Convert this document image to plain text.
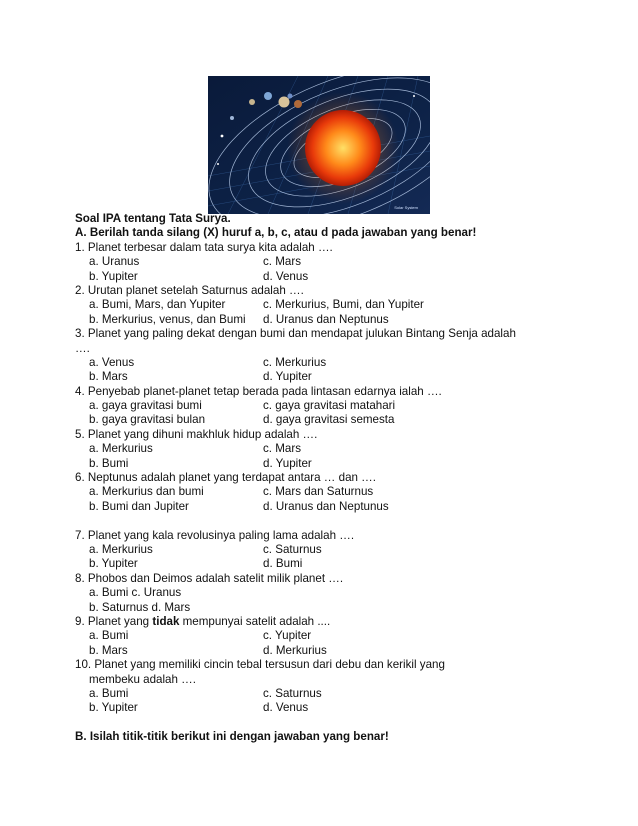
Solar System
Soal IPA tentang Tata Surya.
A. Berilah tanda silang (X) huruf a, b, c, atau d pada jawaban yang benar!
1. Planet terbesar dalam tata surya kita adalah ….
a. Uranus	c. Mars
b. Yupiter	d. Venus
2. Urutan planet setelah Saturnus adalah ….
a. Bumi, Mars, dan Yupiter	c. Merkurius, Bumi, dan Yupiter
b. Merkurius, venus, dan Bumi	d. Uranus dan Neptunus
3. Planet yang paling dekat dengan bumi dan mendapat julukan Bintang Senja adalah
….
a. Venus	c. Merkurius
b. Mars	d. Yupiter
4. Penyebab planet-planet tetap berada pada lintasan edarnya ialah ….
a. gaya gravitasi bumi	c. gaya gravitasi matahari
b. gaya gravitasi bulan	d. gaya gravitasi semesta
5. Planet yang dihuni makhluk hidup adalah ….
a. Merkurius	c. Mars
b. Bumi	d. Yupiter
6. Neptunus adalah planet yang terdapat antara … dan ….
a. Merkurius dan bumi	c. Mars dan Saturnus
b. Bumi dan Jupiter	d. Uranus dan Neptunus
7. Planet yang kala revolusinya paling lama adalah ….
a. Merkurius	c. Saturnus
b. Yupiter	d. Bumi
8. Phobos dan Deimos adalah satelit milik planet ….
a. Bumi c. Uranus
b. Saturnus d. Mars
9. Planet yang tidak mempunyai satelit adalah ....
a. Bumi	c. Yupiter
b. Mars	d. Merkurius
10. Planet yang memiliki cincin tebal tersusun dari debu dan kerikil yang
membeku adalah ….
a. Bumi	c. Saturnus
b. Yupiter	d. Venus
B. Isilah titik-titik berikut ini dengan jawaban yang benar!
